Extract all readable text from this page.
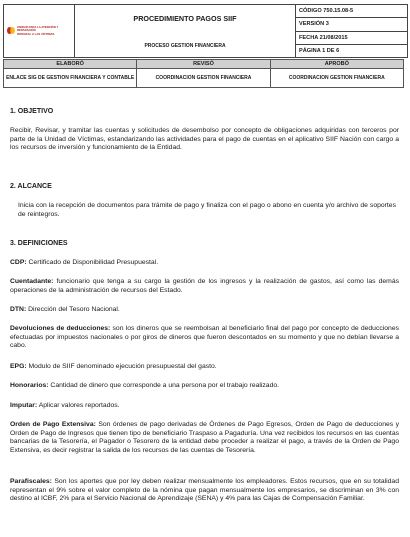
UNIDAD PARA LA ATENCIÓN Y REPARACIÓN
INTEGRAL A LAS VÍCTIMAS

PROCEDIMIENTO PAGOS SIIF
PROCESO GESTION FINANCIERA
	CÓDIGO 750.15.08-5
VERSIÓN 3
FECHA 21/08/2015
PÁGINA 1 DE 6
ELABORÓ	REVISÓ	APROBÓ
ENLACE SIG DE GESTION FINANCIERA Y CONTABLE	COORDINACION GESTION FINANCIERA	COORDINACION GESTION FINANCIERA
1. OBJETIVO

Recibir, Revisar, y tramitar las cuentas y solicitudes de desembolso por concepto de obligaciones adquiridas con terceros por parte de la Unidad de Víctimas, estandarizando las actividades para el pago de cuentas en el aplicativo SIIF Nación con cargo a los recursos de inversión y funcionamiento de la Entidad.

2. ALCANCE

Inicia con la recepción de documentos para trámite de pago y finaliza con el pago o abono en cuenta y/o archivo de soportes de reintegros.

3. DEFINICIONES

CDP: Certificado de Disponibilidad Presupuestal.

Cuentadante: funcionario que tenga a su cargo la gestión de los ingresos y la realización de gastos, así como las demás operaciones de la administración de recursos del Estado.

DTN: Dirección del Tesoro Nacional.

Devoluciones de deducciones: son los dineros que se reembolsan al beneficiario final del pago por concepto de deducciones efectuadas por impuestos nacionales o por giros de dineros que fueron descontados en su momento y que no debían llevarse a cabo.

EPG: Modulo de SIIF denominado ejecución presupuestal del gasto.

Honorarios: Cantidad de dinero que corresponde a una persona por el trabajo realizado.

Imputar: Aplicar valores reportados.

Orden de Pago Extensiva: Son órdenes de pago derivadas de Órdenes de Pago Egresos, Orden de Pago de deducciones y Orden de Pago de Ingresos que tienen tipo de beneficiario Traspaso a Pagaduría. Una vez recibidos los recursos en las cuentas bancarias de la Tesorería, el Pagador o Tesorero de la entidad debe proceder a realizar el pago, a través de la Orden de Pago Extensiva, es decir registrar la salida de los recursos de las cuentas de Tesorería.

Parafiscales: Son los aportes que por ley deben realizar mensualmente los empleadores. Estos recursos, que en su totalidad representan el 9% sobre el valor completo de la nómina que pagan mensualmente los empresarios, se discriminan en 3% con destino al ICBF, 2% para el Servicio Nacional de Aprendizaje (SENA) y 4% para las Cajas de Compensación Familiar.
